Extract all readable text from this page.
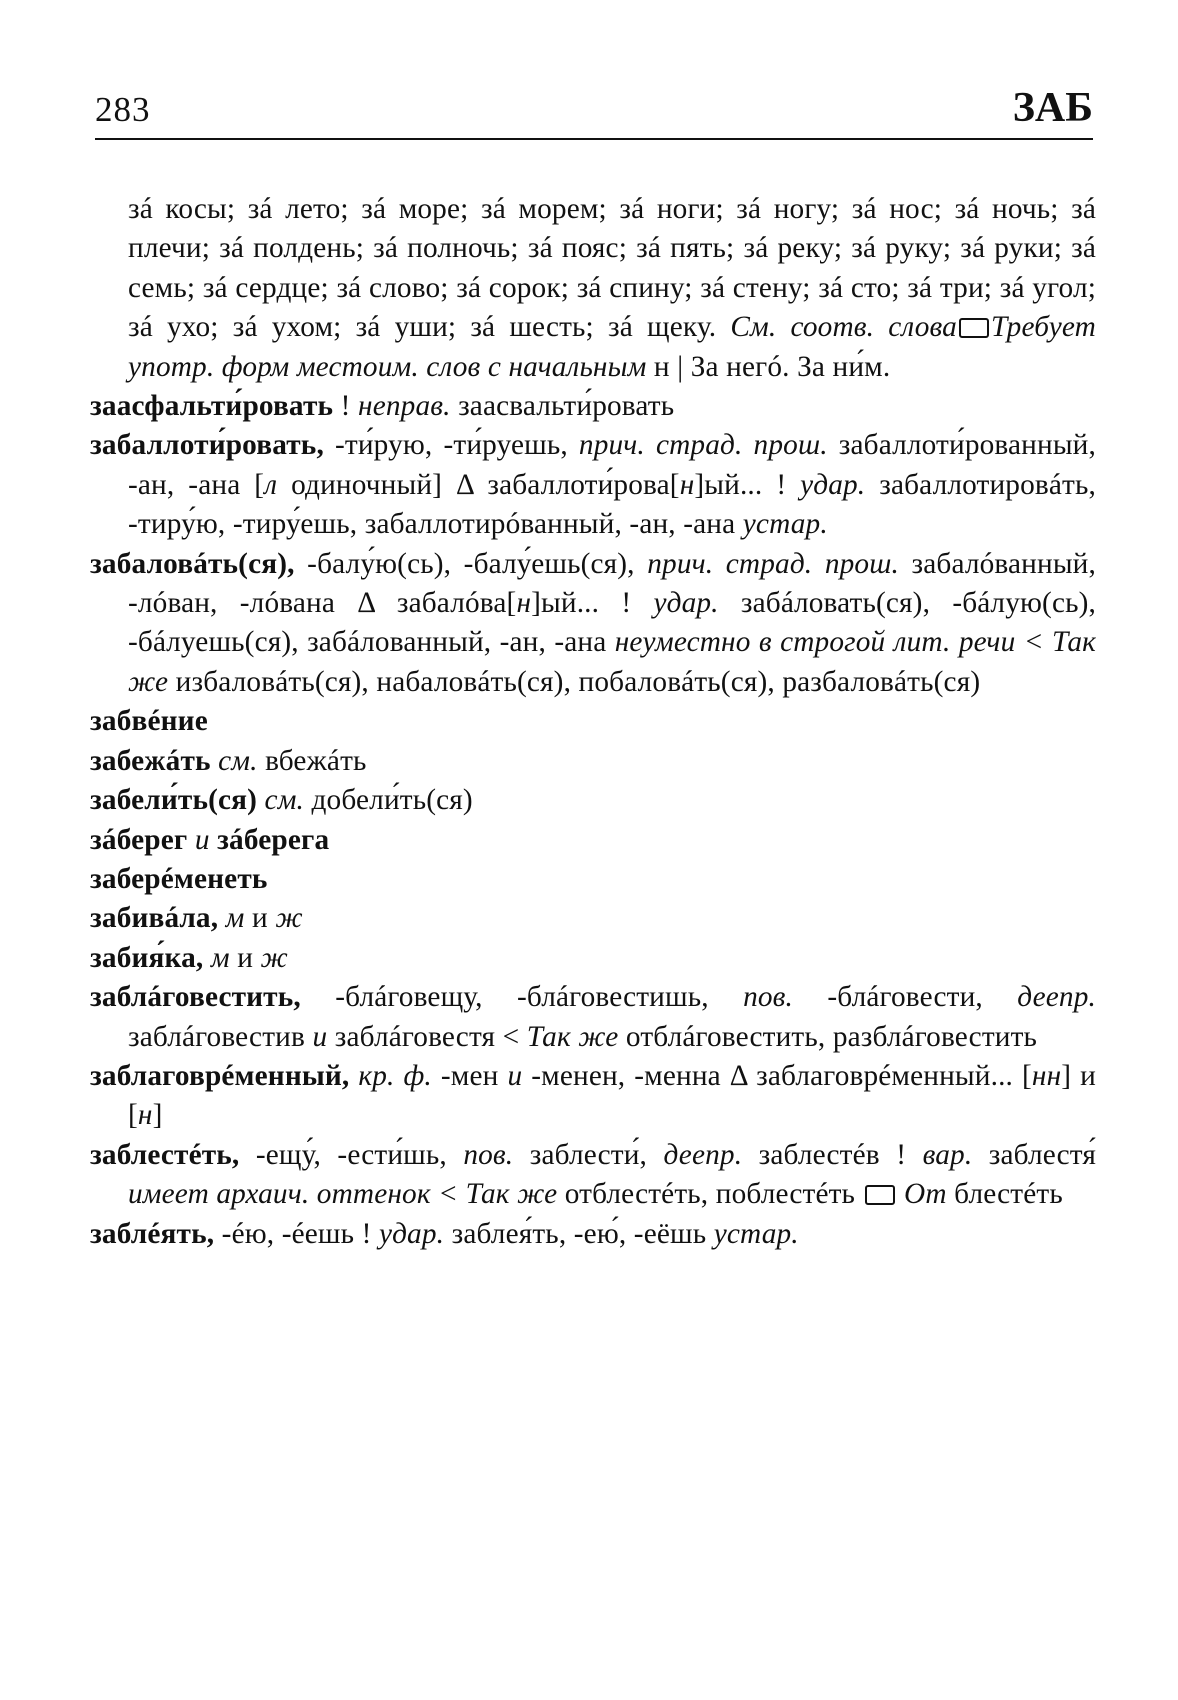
283	ЗАБ
зá косы; зá лето; зá море; зá морем; зá ноги; зá ногу; зá нос; зá ночь; зá плечи; зá полдень; зá полночь; зá пояс; зá пять; зá реку; зá руку; зá руки; зá семь; зá сердце; зá слово; зá сорок; зá спину; зá стену; зá сто; зá три; зá угол; зá ухо; зá ухом; зá уши; зá шесть; зá щеку. См. соотв. слова Требует употр. форм местоим. слов с начальным н | За негó. За ни́м.
заасфальти́ровать ! неправ. заасвальти́ровать
забаллоти́ровать, -ти́рую, -ти́руешь, прич. страд. прош. забаллоти́рованный, -ан, -ана [л одиночный] Δ забаллоти́рова[н]ый... ! удар. забаллотировáть, -тиру́ю, -тиру́ешь, забаллотирóванный, -ан, -ана устар.
забаловáть(ся), -балу́ю(сь), -балу́ешь(ся), прич. страд. прош. забалóванный, -лóван, -лóвана Δ забалóва[н]ый... ! удар. забáловать(ся), -бáлую(сь), -бáлуешь(ся), забáлованный, -ан, -ана неуместно в строгой лит. речи < Так же избаловáть(ся), набаловáть(ся), побаловáть(ся), разбаловáть(ся)
забвéние
забежáть см. вбежáть
забели́ть(ся) см. добели́ть(ся)
зáберег и зáберега
заберéменеть
забивáла, м и ж
забия́ка, м и ж
заблáговестить, -блáговещу, -блáговестишь, пов. -блáговести, деепр. заблáговестив и заблáговестя < Так же отблáговестить, разблáговестить
заблаговрéменный, кр. ф. -мен и -менен, -менна Δ заблаговрéменный... [нн] и [н]
заблестéть, -ещу́, -ести́шь, пов. заблести́, деепр. заблестéв ! вар. заблестя́ имеет архаич. оттенок < Так же отблестéть, поблестéть  От блестéть
заблéять, -éю, -éешь ! удар. заблея́ть, -ею́, -еёшь устар.
